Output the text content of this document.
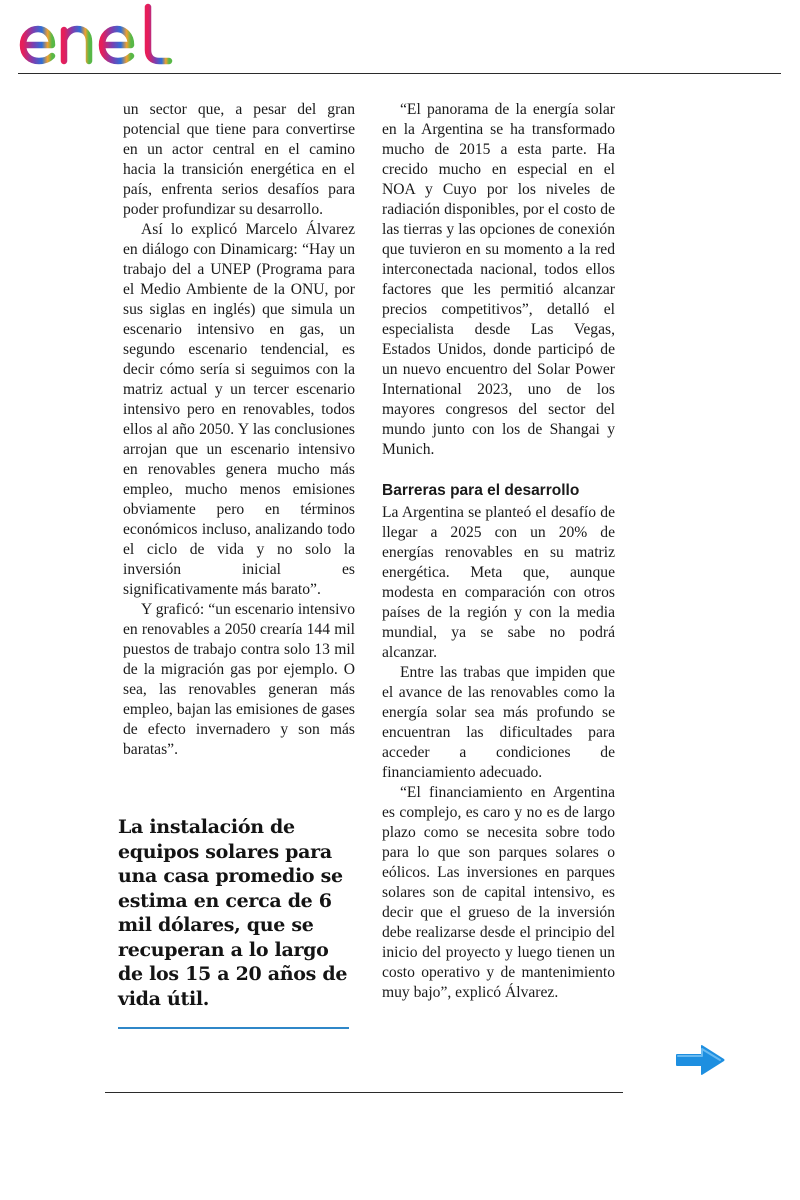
un sector que, a pesar del gran potencial que tiene para convertirse en un actor central en el camino hacia la transición energética en el país, enfrenta serios desafíos para poder profundizar su desarrollo.

Así lo explicó Marcelo Álvarez en diálogo con Dinamicarg: “Hay un trabajo del a UNEP (Programa para el Medio Ambiente de la ONU, por sus siglas en inglés) que simula un escenario intensivo en gas, un segundo escenario tendencial, es decir cómo sería si seguimos con la matriz actual y un tercer escenario intensivo pero en renovables, todos ellos al año 2050. Y las conclusiones arrojan que un escenario intensivo en renovables genera mucho más empleo, mucho menos emisiones obviamente pero en términos económicos incluso, analizando todo el ciclo de vida y no solo la inversión inicial es significativamente más barato”.

Y graficó: “un escenario intensivo en renovables a 2050 crearía 144 mil puestos de trabajo contra solo 13 mil de la migración gas por ejemplo. O sea, las renovables generan más empleo, bajan las emisiones de gases de efecto invernadero y son más baratas”.

“El panorama de la energía solar en la Argentina se ha transformado mucho de 2015 a esta parte. Ha crecido mucho en especial en el NOA y Cuyo por los niveles de radiación disponibles, por el costo de las tierras y las opciones de conexión que tuvieron en su momento a la red interconectada nacional, todos ellos factores que les permitió alcanzar precios competitivos”, detalló el especialista desde Las Vegas, Estados Unidos, donde participó de un nuevo encuentro del Solar Power International 2023, uno de los mayores congresos del sector del mundo junto con los de Shangai y Munich.

Barreras para el desarrollo

La Argentina se planteó el desafío de llegar a 2025 con un 20% de energías renovables en su matriz energética. Meta que, aunque modesta en comparación con otros países de la región y con la media mundial, ya se sabe no podrá alcanzar.

Entre las trabas que impiden que el avance de las renovables como la energía solar sea más profundo se encuentran las dificultades para acceder a condiciones de financiamiento adecuado.

“El financiamiento en Argentina es complejo, es caro y no es de largo plazo como se necesita sobre todo para lo que son parques solares o eólicos. Las inversiones en parques solares son de capital intensivo, es decir que el grueso de la inversión debe realizarse desde el principio del inicio del proyecto y luego tienen un costo operativo y de mantenimiento muy bajo”, explicó Álvarez.

La instalación de equipos solares para una casa promedio se estima en cerca de 6 mil dólares, que se recuperan a lo largo de los 15 a 20 años de vida útil.
